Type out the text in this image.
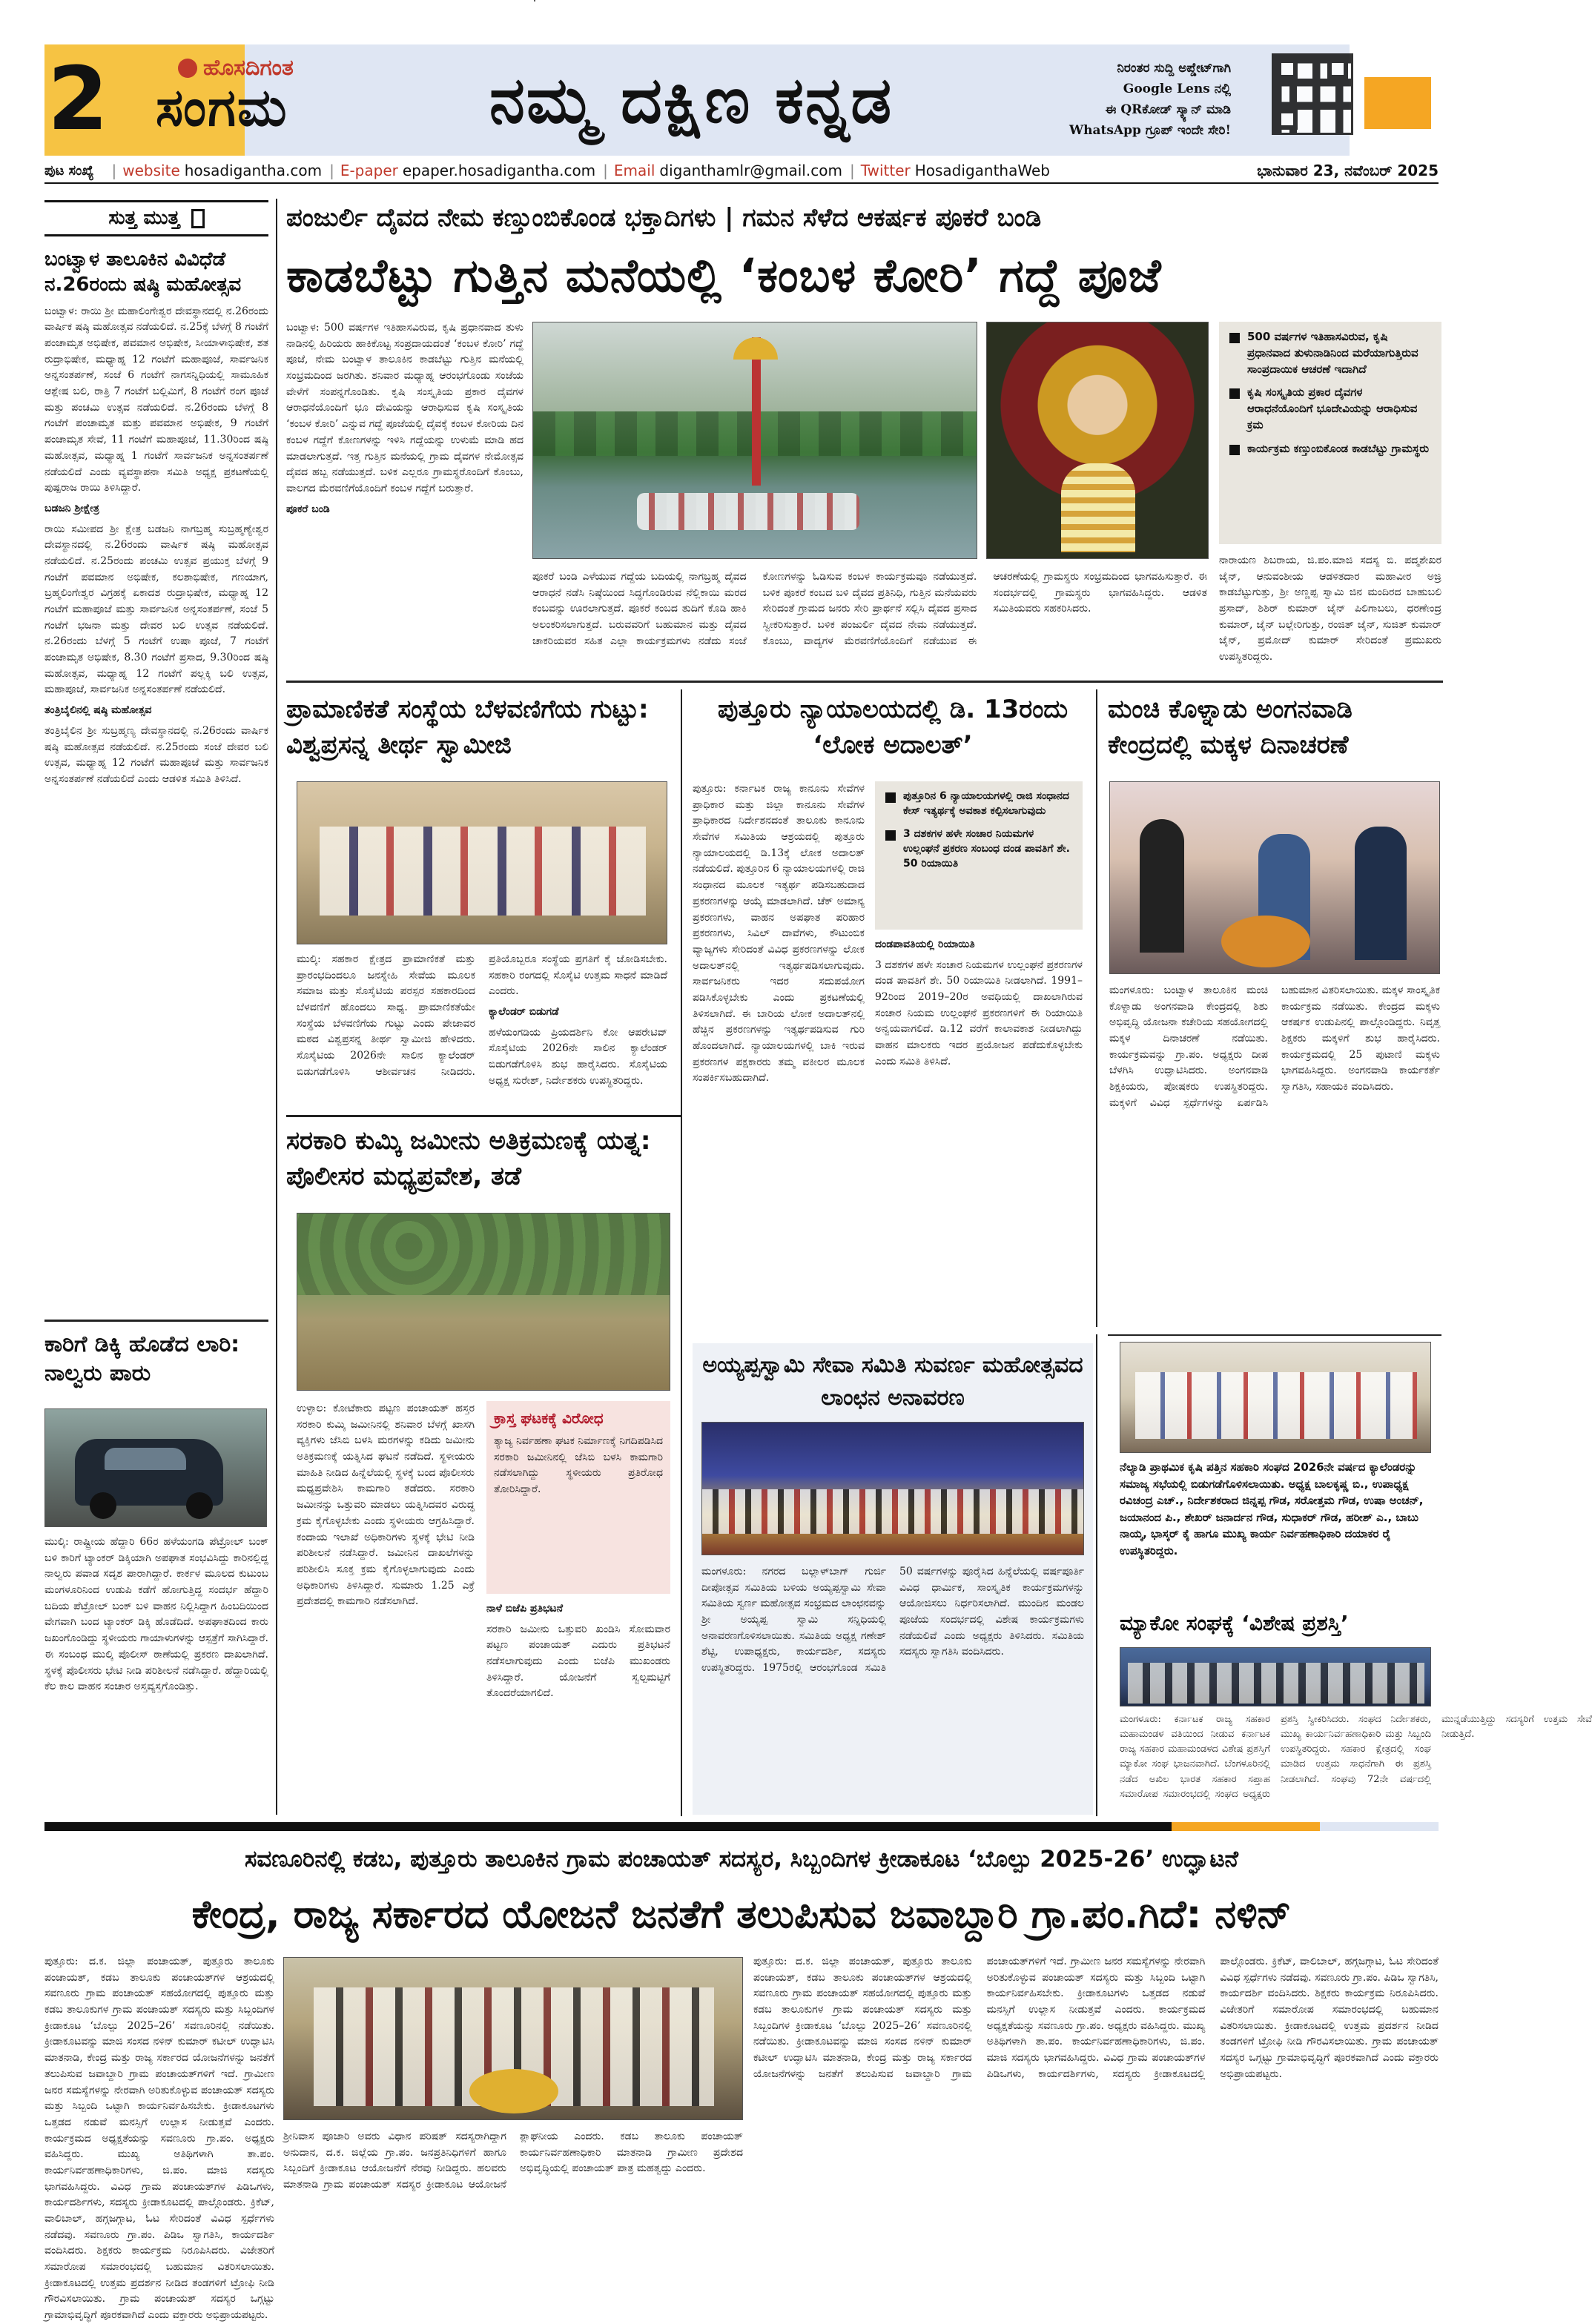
2	ಹೊಸದಿಗಂತ
ಸಂಗಮ	ನಮ್ಮ ದಕ್ಷಿಣ ಕನ್ನಡ	ನಿರಂತರ ಸುದ್ದಿ ಅಪ್ಡೇಟ್‌ಗಾಗಿ
Google Lens ನಲ್ಲಿ
ಈ QRಕೋಡ್ ಸ್ಕ್ಯಾನ್ ಮಾಡಿ
WhatsApp ಗ್ರೂಪ್ ಇಂದೇ ಸೇರಿ!
ಪುಟ ಸಂಖ್ಯೆ | website hosadigantha.com | E-paper epaper.hosadigantha.com | Email diganthamlr@gmail.com | Twitter HosadiganthaWeb	ಭಾನುವಾರ 23, ನವೆಂಬರ್ 2025
ಸುತ್ತ ಮುತ್ತ
ಬಂಟ್ವಾಳ ತಾಲೂಕಿನ ವಿವಿಧೆಡೆ ನ.26ರಂದು ಷಷ್ಠಿ ಮಹೋತ್ಸವ

ಬಂಟ್ವಾಳ: ರಾಯಿ ಶ್ರೀ ಮಹಾಲಿಂಗೇಶ್ವರ ದೇವಸ್ಥಾನದಲ್ಲಿ ನ.26ರಂದು ವಾರ್ಷಿಕ ಷಷ್ಠಿ ಮಹೋತ್ಸವ ನಡೆಯಲಿದೆ. ನ.25ಕ್ಕೆ ಬೆಳಗ್ಗೆ 8 ಗಂಟೆಗೆ ಪಂಚಾಮೃತ ಅಭಿಷೇಕ, ಪವಮಾನ ಅಭಿಷೇಕ, ಸೀಯಾಳಾಭಿಷೇಕ, ಶತ ರುದ್ರಾಭಿಷೇಕ, ಮಧ್ಯಾಹ್ನ 12 ಗಂಟೆಗೆ ಮಹಾಪೂಜೆ, ಸಾರ್ವಜನಿಕ ಅನ್ನಸಂತರ್ಪಣೆ, ಸಂಜೆ 6 ಗಂಟೆಗೆ ನಾಗಸನ್ನಿಧಿಯಲ್ಲಿ ಸಾಮೂಹಿಕ ಆಶ್ಲೇಷ ಬಲಿ, ರಾತ್ರಿ 7 ಗಂಟೆಗೆ ಬಲ್ಲಿಮಿಗೆ, 8 ಗಂಟೆಗೆ ರಂಗ ಪೂಜೆ ಮತ್ತು ಪಂಚಮಿ ಉತ್ಸವ ನಡೆಯಲಿದೆ. ನ.26ರಂದು ಬೆಳಗ್ಗೆ 8 ಗಂಟೆಗೆ ಪಂಚಾಮೃತ ಮತ್ತು ಪವಮಾನ ಅಭಿಷೇಕ, 9 ಗಂಟೆಗೆ ಪಂಚಾಮೃತ ಸೇವೆ, 11 ಗಂಟೆಗೆ ಮಹಾಪೂಜೆ, 11.30ರಿಂದ ಷಷ್ಠಿ ಮಹೋತ್ಸವ, ಮಧ್ಯಾಹ್ನ 1 ಗಂಟೆಗೆ ಸಾರ್ವಜನಿಕ ಅನ್ನಸಂತರ್ಪಣೆ ನಡೆಯಲಿದೆ ಎಂದು ವ್ಯವಸ್ಥಾಪನಾ ಸಮಿತಿ ಅಧ್ಯಕ್ಷ ಪ್ರಕಟಣೆಯಲ್ಲಿ ಪುಷ್ಪರಾಜ ರಾಯಿ ತಿಳಿಸಿದ್ದಾರೆ.

ಬಡಜನಿ ಶ್ರೀಕ್ಷೇತ್ರ

ರಾಯಿ ಸಮೀಪದ ಶ್ರೀ ಕ್ಷೇತ್ರ ಬಡಜನಿ ನಾಗಬ್ರಹ್ಮ ಸುಬ್ರಹ್ಮಣ್ಯೇಶ್ವರ ದೇವಸ್ಥಾನದಲ್ಲಿ ನ.26ರಂದು ವಾರ್ಷಿಕ ಷಷ್ಠಿ ಮಹೋತ್ಸವ ನಡೆಯಲಿದೆ. ನ.25ರಂದು ಪಂಚಮಿ ಉತ್ಸವ ಪ್ರಯುಕ್ತ ಬೆಳಗ್ಗೆ 9 ಗಂಟೆಗೆ ಪವಮಾನ ಅಭಿಷೇಕ, ಕಲಶಾಭಿಷೇಕ, ಗಣಯಾಗ, ಬ್ರಹ್ಮಲಿಂಗೇಶ್ವರ ವಿಗ್ರಹಕ್ಕೆ ಏಕಾದಶ ರುದ್ರಾಭಿಷೇಕ, ಮಧ್ಯಾಹ್ನ 12 ಗಂಟೆಗೆ ಮಹಾಪೂಜೆ ಮತ್ತು ಸಾರ್ವಜನಿಕ ಅನ್ನಸಂತರ್ಪಣೆ, ಸಂಜೆ 5 ಗಂಟೆಗೆ ಭಜನಾ ಮತ್ತು ದೇವರ ಬಲಿ ಉತ್ಸವ ನಡೆಯಲಿದೆ. ನ.26ರಂದು ಬೆಳಗ್ಗೆ 5 ಗಂಟೆಗೆ ಉಷಾ ಪೂಜೆ, 7 ಗಂಟೆಗೆ ಪಂಚಾಮೃತ ಅಭಿಷೇಕ, 8.30 ಗಂಟೆಗೆ ಪ್ರಸಾದ, 9.30ರಿಂದ ಷಷ್ಠಿ ಮಹೋತ್ಸವ, ಮಧ್ಯಾಹ್ನ 12 ಗಂಟೆಗೆ ಪಲ್ಲಕ್ಕಿ ಬಲಿ ಉತ್ಸವ, ಮಹಾಪೂಜೆ, ಸಾರ್ವಜನಿಕ ಅನ್ನಸಂತರ್ಪಣೆ ನಡೆಯಲಿದೆ.

ತಂತ್ರಿಬೈಲಿನಲ್ಲಿ ಷಷ್ಠಿ ಮಹೋತ್ಸವ

ತಂತ್ರಿಬೈಲಿನ ಶ್ರೀ ಸುಬ್ರಹ್ಮಣ್ಯ ದೇವಸ್ಥಾನದಲ್ಲಿ ನ.26ರಂದು ವಾರ್ಷಿಕ ಷಷ್ಠಿ ಮಹೋತ್ಸವ ನಡೆಯಲಿದೆ. ನ.25ರಂದು ಸಂಜೆ ದೇವರ ಬಲಿ ಉತ್ಸವ, ಮಧ್ಯಾಹ್ನ 12 ಗಂಟೆಗೆ ಮಹಾಪೂಜೆ ಮತ್ತು ಸಾರ್ವಜನಿಕ ಅನ್ನಸಂತರ್ಪಣೆ ನಡೆಯಲಿದೆ ಎಂದು ಆಡಳಿತ ಸಮಿತಿ ತಿಳಿಸಿದೆ.

ಕಾರಿಗೆ ಡಿಕ್ಕಿ ಹೊಡೆದ ಲಾರಿ: ನಾಲ್ವರು ಪಾರು
ಮುಲ್ಕಿ: ರಾಷ್ಟ್ರೀಯ ಹೆದ್ದಾರಿ 66ರ ಹಳೆಯಂಗಡಿ ಪೆಟ್ರೋಲ್ ಬಂಕ್ ಬಳಿ ಕಾರಿಗೆ ಟ್ಯಾಂಕರ್ ಡಿಕ್ಕಿಯಾಗಿ ಅಪಘಾತ ಸಂಭವಿಸಿದ್ದು ಕಾರಿನಲ್ಲಿದ್ದ ನಾಲ್ವರು ಪವಾಡ ಸದೃಶ ಪಾರಾಗಿದ್ದಾರೆ. ಕಾರ್ಕಳ ಮೂಲದ ಕುಟುಂಬ ಮಂಗಳೂರಿನಿಂದ ಉಡುಪಿ ಕಡೆಗೆ ಹೋಗುತ್ತಿದ್ದ ಸಂದರ್ಭ ಹೆದ್ದಾರಿ ಬದಿಯ ಪೆಟ್ರೋಲ್ ಬಂಕ್ ಬಳಿ ವಾಹನ ನಿಲ್ಲಿಸಿದ್ದಾಗ ಹಿಂಬದಿಯಿಂದ ವೇಗವಾಗಿ ಬಂದ ಟ್ಯಾಂಕರ್ ಡಿಕ್ಕಿ ಹೊಡೆದಿದೆ. ಅಪಘಾತದಿಂದ ಕಾರು ಜಖಂಗೊಂಡಿದ್ದು ಸ್ಥಳೀಯರು ಗಾಯಾಳುಗಳನ್ನು ಆಸ್ಪತ್ರೆಗೆ ಸಾಗಿಸಿದ್ದಾರೆ. ಈ ಸಂಬಂಧ ಮುಲ್ಕಿ ಪೊಲೀಸ್ ಠಾಣೆಯಲ್ಲಿ ಪ್ರಕರಣ ದಾಖಲಾಗಿದೆ. ಸ್ಥಳಕ್ಕೆ ಪೊಲೀಸರು ಭೇಟಿ ನೀಡಿ ಪರಿಶೀಲನೆ ನಡೆಸಿದ್ದಾರೆ. ಹೆದ್ದಾರಿಯಲ್ಲಿ ಕೆಲ ಕಾಲ ವಾಹನ ಸಂಚಾರ ಅಸ್ತವ್ಯಸ್ತಗೊಂಡಿತ್ತು.
ಪಂಜುರ್ಲಿ ದೈವದ ನೇಮ ಕಣ್ತುಂಬಿಕೊಂಡ ಭಕ್ತಾದಿಗಳು | ಗಮನ ಸೆಳೆದ ಆಕರ್ಷಕ ಪೂಕರೆ ಬಂಡಿ
ಕಾಡಬೆಟ್ಟು ಗುತ್ತಿನ ಮನೆಯಲ್ಲಿ ‘ಕಂಬಳ ಕೋರಿ’ ಗದ್ದೆ ಪೂಜೆ

ಬಂಟ್ವಾಳ: 500 ವರ್ಷಗಳ ಇತಿಹಾಸವಿರುವ, ಕೃಷಿ ಪ್ರಧಾನವಾದ ತುಳು ನಾಡಿನಲ್ಲಿ ಹಿರಿಯರು ಹಾಕಿಕೊಟ್ಟ ಸಂಪ್ರದಾಯದಂತೆ ‘ಕಂಬಳ ಕೋರಿ’ ಗದ್ದೆ ಪೂಜೆ, ನೇಮ ಬಂಟ್ವಾಳ ತಾಲೂಕಿನ ಕಾಡಬೆಟ್ಟು ಗುತ್ತಿನ ಮನೆಯಲ್ಲಿ ಸಂಭ್ರಮದಿಂದ ಜರಗಿತು. ಶನಿವಾರ ಮಧ್ಯಾಹ್ನ ಆರಂಭಗೊಂಡು ಸಂಜೆಯ ವೇಳೆಗೆ ಸಂಪನ್ನಗೊಂಡಿತು. ಕೃಷಿ ಸಂಸ್ಕೃತಿಯ ಪ್ರಕಾರ ದೈವಗಳ ಆರಾಧನೆಯೊಂದಿಗೆ ಭೂ ದೇವಿಯನ್ನು ಆರಾಧಿಸುವ ಕೃಷಿ ಸಂಸ್ಕೃತಿಯ ‘ಕಂಬಳ ಕೋರಿ’ ಎನ್ನುವ ಗದ್ದೆ ಪೂಜೆಯಲ್ಲಿ ದೈವಕ್ಕೆ ಕಂಬಳ ಕೋರಿಯ ದಿನ ಕಂಬಳ ಗದ್ದೆಗೆ ಕೋಣಗಳನ್ನು ಇಳಿಸಿ ಗದ್ದೆಯನ್ನು ಉಳುಮೆ ಮಾಡಿ ಹದ ಮಾಡಲಾಗುತ್ತದೆ. ಇತ್ತ ಗುತ್ತಿನ ಮನೆಯಲ್ಲಿ ಗ್ರಾಮ ದೈವಗಳ ನೇಮೋತ್ಸವ ದೈವದ ಹಬ್ಬ ನಡೆಯುತ್ತದೆ. ಬಳಿಕ ಎಲ್ಲರೂ ಗ್ರಾಮಸ್ಥರೊಂದಿಗೆ ಕೊಂಬು, ವಾಲಗದ ಮೆರವಣಿಗೆಯೊಂದಿಗೆ ಕಂಬಳ ಗದ್ದೆಗೆ ಬರುತ್ತಾರೆ.

ಪೂಕರೆ ಬಂಡಿ

500 ವರ್ಷಗಳ ಇತಿಹಾಸವಿರುವ, ಕೃಷಿ ಪ್ರಧಾನವಾದ ತುಳುನಾಡಿನಿಂದ ಮರೆಯಾಗುತ್ತಿರುವ ಸಾಂಪ್ರದಾಯಿಕ ಆಚರಣೆ ಇದಾಗಿದೆ
ಕೃಷಿ ಸಂಸ್ಕೃತಿಯ ಪ್ರಕಾರ ದೈವಗಳ ಆರಾಧನೆಯೊಂದಿಗೆ ಭೂದೇವಿಯನ್ನು ಆರಾಧಿಸುವ ಕ್ರಮ
ಕಾರ್ಯಕ್ರಮ ಕಣ್ತುಂಬಿಕೊಂಡ ಕಾಡಬೆಟ್ಟು ಗ್ರಾಮಸ್ಥರು
ಪೂಕರೆ ಬಂಡಿ ಎಳೆಯುವ ಗದ್ದೆಯ ಬದಿಯಲ್ಲಿ ನಾಗಬ್ರಹ್ಮ ದೈವದ ಆರಾಧನೆ ನಡೆಸಿ ನಿಷ್ಠೆಯಿಂದ ಸಿದ್ಧಗೊಂಡಿರುವ ನೆಲ್ಲಿಕಾಯಿ ಮರದ ಕಂಬವನ್ನು ಊರಲಾಗುತ್ತದೆ. ಪೂಕರೆ ಕಂಬದ ತುದಿಗೆ ಕೊಡಿ ಹಾಕಿ ಅಲಂಕರಿಸಲಾಗುತ್ತದೆ. ಬರುವವರಿಗೆ ಬಹುಮಾನ ಮತ್ತು ದೈವದ ಚಾಕರಿಯವರ ಸಹಿತ ಎಲ್ಲಾ ಕಾರ್ಯಕ್ರಮಗಳು ನಡೆದು ಸಂಜೆ ಕೋಣಗಳನ್ನು ಓಡಿಸುವ ಕಂಬಳ ಕಾರ್ಯಕ್ರಮವೂ ನಡೆಯುತ್ತದೆ. ಬಳಿಕ ಪೂಕರೆ ಕಂಬದ ಬಳಿ ದೈವದ ಪ್ರತಿನಿಧಿ, ಗುತ್ತಿನ ಮನೆಯವರು ಸೇರಿದಂತೆ ಗ್ರಾಮದ ಜನರು ಸೇರಿ ಪ್ರಾರ್ಥನೆ ಸಲ್ಲಿಸಿ ದೈವದ ಪ್ರಸಾದ ಸ್ವೀಕರಿಸುತ್ತಾರೆ. ಬಳಿಕ ಪಂಜುರ್ಲಿ ದೈವದ ನೇಮ ನಡೆಯುತ್ತದೆ. ಕೊಂಬು, ವಾದ್ಯಗಳ ಮೆರವಣಿಗೆಯೊಂದಿಗೆ ನಡೆಯುವ ಈ ಆಚರಣೆಯಲ್ಲಿ ಗ್ರಾಮಸ್ಥರು ಸಂಭ್ರಮದಿಂದ ಭಾಗವಹಿಸುತ್ತಾರೆ. ಈ ಸಂದರ್ಭದಲ್ಲಿ ಗ್ರಾಮಸ್ಥರು ಭಾಗವಹಿಸಿದ್ದರು. ಆಡಳಿತ ಸಮಿತಿಯವರು ಸಹಕರಿಸಿದರು.
ನಾರಾಯಣ ಶಿಬರಾಯ, ಜಿ.ಪಂ.ಮಾಜಿ ಸದಸ್ಯ ಬಿ. ಪದ್ಮಶೇಖರ ಜೈನ್, ಆನುವಂಶೀಯ ಆಡಳಿತದಾರ ಮಹಾವೀರ ಅಜ್ರಿ ಕಾಡಬೆಟ್ಟುಗುತ್ತು, ಶ್ರೀ ಅಣ್ಣಪ್ಪ ಸ್ವಾಮಿ ಜಿನ ಮಂದಿರದ ಬಾಹುಬಲಿ ಪ್ರಸಾದ್, ಶಿಶಿರ್ ಕುಮಾರ್ ಜೈನ್ ಪಿಲಿಗಾಬಲು, ಧರಣೇಂದ್ರ ಕುಮಾರ್, ಜೈನ್ ಬಲ್ಲೇರಿಗುತ್ತು, ರಂಜಿತ್ ಜೈನ್, ಸುಜಿತ್ ಕುಮಾರ್ ಜೈನ್, ಪ್ರಮೋದ್ ಕುಮಾರ್ ಸೇರಿದಂತೆ ಪ್ರಮುಖರು ಉಪಸ್ಥಿತರಿದ್ದರು.
ಪ್ರಾಮಾಣಿಕತೆ ಸಂಸ್ಥೆಯ ಬೆಳವಣಿಗೆಯ ಗುಟ್ಟು: ವಿಶ್ವಪ್ರಸನ್ನ ತೀರ್ಥ ಸ್ವಾಮೀಜಿ

ಮುಲ್ಕಿ: ಸಹಕಾರ ಕ್ಷೇತ್ರದ ಪ್ರಾಮಾಣಿಕತೆ ಮತ್ತು ಪ್ರಾರಂಭದಿಂದಲೂ ಜನಸ್ನೇಹಿ ಸೇವೆಯ ಮೂಲಕ ಸಮಾಜ ಮತ್ತು ಸೊಸೈಟಿಯ ಪರಸ್ಪರ ಸಹಕಾರದಿಂದ ಬೆಳವಣಿಗೆ ಹೊಂದಲು ಸಾಧ್ಯ. ಪ್ರಾಮಾಣಿಕತೆಯೇ ಸಂಸ್ಥೆಯ ಬೆಳವಣಿಗೆಯ ಗುಟ್ಟು ಎಂದು ಪೇಜಾವರ ಮಠದ ವಿಶ್ವಪ್ರಸನ್ನ ತೀರ್ಥ ಸ್ವಾಮೀಜಿ ಹೇಳಿದರು. ಸೊಸೈಟಿಯ 2026ನೇ ಸಾಲಿನ ಕ್ಯಾಲೆಂಡರ್ ಬಿಡುಗಡೆಗೊಳಿಸಿ ಆಶೀರ್ವಚನ ನೀಡಿದರು. ಪ್ರತಿಯೊಬ್ಬರೂ ಸಂಸ್ಥೆಯ ಪ್ರಗತಿಗೆ ಕೈ ಜೋಡಿಸಬೇಕು. ಸಹಕಾರಿ ರಂಗದಲ್ಲಿ ಸೊಸೈಟಿ ಉತ್ತಮ ಸಾಧನೆ ಮಾಡಿದೆ ಎಂದರು.

ಕ್ಯಾಲೆಂಡರ್ ಬಿಡುಗಡೆ

ಹಳೆಯಂಗಡಿಯ ಪ್ರಿಯದರ್ಶಿನಿ ಕೋ ಆಪರೇಟಿವ್ ಸೊಸೈಟಿಯ 2026ನೇ ಸಾಲಿನ ಕ್ಯಾಲೆಂಡರ್ ಬಿಡುಗಡೆಗೊಳಿಸಿ ಶುಭ ಹಾರೈಸಿದರು. ಸೊಸೈಟಿಯ ಅಧ್ಯಕ್ಷ ಸುರೇಶ್, ನಿರ್ದೇಶಕರು ಉಪಸ್ಥಿತರಿದ್ದರು.

ಪುತ್ತೂರು ನ್ಯಾಯಾಲಯದಲ್ಲಿ ಡಿ. 13ರಂದು ‘ಲೋಕ ಅದಾಲತ್’
ಪುತ್ತೂರಿನ 6 ನ್ಯಾಯಾಲಯಗಳಲ್ಲಿ ರಾಜಿ ಸಂಧಾನದ ಕೇಸ್ ಇತ್ಯರ್ಥಕ್ಕೆ ಅವಕಾಶ ಕಲ್ಪಿಸಲಾಗುವುದು
3 ದಶಕಗಳ ಹಳೇ ಸಂಚಾರ ನಿಯಮಗಳ ಉಲ್ಲಂಘನೆ ಪ್ರಕರಣ ಸಂಬಂಧ ದಂಡ ಪಾವತಿಗೆ ಶೇ. 50 ರಿಯಾಯಿತಿ
ಪುತ್ತೂರು: ಕರ್ನಾಟಕ ರಾಜ್ಯ ಕಾನೂನು ಸೇವೆಗಳ ಪ್ರಾಧಿಕಾರ ಮತ್ತು ಜಿಲ್ಲಾ ಕಾನೂನು ಸೇವೆಗಳ ಪ್ರಾಧಿಕಾರದ ನಿರ್ದೇಶನದಂತೆ ತಾಲೂಕು ಕಾನೂನು ಸೇವೆಗಳ ಸಮಿತಿಯ ಆಶ್ರಯದಲ್ಲಿ ಪುತ್ತೂರು ನ್ಯಾಯಾಲಯದಲ್ಲಿ ಡಿ.13ಕ್ಕೆ ಲೋಕ ಅದಾಲತ್ ನಡೆಯಲಿದೆ. ಪುತ್ತೂರಿನ 6 ನ್ಯಾಯಾಲಯಗಳಲ್ಲಿ ರಾಜಿ ಸಂಧಾನದ ಮೂಲಕ ಇತ್ಯರ್ಥ ಪಡಿಸಬಹುದಾದ ಪ್ರಕರಣಗಳನ್ನು ಆಯ್ಕೆ ಮಾಡಲಾಗಿದೆ. ಚೆಕ್ ಅಮಾನ್ಯ ಪ್ರಕರಣಗಳು, ವಾಹನ ಅಪಘಾತ ಪರಿಹಾರ ಪ್ರಕರಣಗಳು, ಸಿವಿಲ್ ದಾವೆಗಳು, ಕೌಟುಂಬಿಕ ವ್ಯಾಜ್ಯಗಳು ಸೇರಿದಂತೆ ವಿವಿಧ ಪ್ರಕರಣಗಳನ್ನು ಲೋಕ ಅದಾಲತ್‌ನಲ್ಲಿ ಇತ್ಯರ್ಥಪಡಿಸಲಾಗುವುದು. ಸಾರ್ವಜನಿಕರು ಇದರ ಸದುಪಯೋಗ ಪಡಿಸಿಕೊಳ್ಳಬೇಕು ಎಂದು ಪ್ರಕಟಣೆಯಲ್ಲಿ ತಿಳಿಸಲಾಗಿದೆ. ಈ ಬಾರಿಯ ಲೋಕ ಅದಾಲತ್‌ನಲ್ಲಿ ಹೆಚ್ಚಿನ ಪ್ರಕರಣಗಳನ್ನು ಇತ್ಯರ್ಥಪಡಿಸುವ ಗುರಿ ಹೊಂದಲಾಗಿದೆ. ನ್ಯಾಯಾಲಯಗಳಲ್ಲಿ ಬಾಕಿ ಇರುವ ಪ್ರಕರಣಗಳ ಪಕ್ಷಕಾರರು ತಮ್ಮ ವಕೀಲರ ಮೂಲಕ ಸಂಪರ್ಕಿಸಬಹುದಾಗಿದೆ.

ದಂಡಪಾವತಿಯಲ್ಲಿ ರಿಯಾಯಿತಿ

3 ದಶಕಗಳ ಹಳೇ ಸಂಚಾರ ನಿಯಮಗಳ ಉಲ್ಲಂಘನೆ ಪ್ರಕರಣಗಳ ದಂಡ ಪಾವತಿಗೆ ಶೇ. 50 ರಿಯಾಯಿತಿ ನೀಡಲಾಗಿದೆ. 1991–92ರಿಂದ 2019–20ರ ಅವಧಿಯಲ್ಲಿ ದಾಖಲಾಗಿರುವ ಸಂಚಾರ ನಿಯಮ ಉಲ್ಲಂಘನೆ ಪ್ರಕರಣಗಳಿಗೆ ಈ ರಿಯಾಯಿತಿ ಅನ್ವಯವಾಗಲಿದೆ. ಡಿ.12 ವರೆಗೆ ಕಾಲಾವಕಾಶ ನೀಡಲಾಗಿದ್ದು ವಾಹನ ಮಾಲಕರು ಇದರ ಪ್ರಯೋಜನ ಪಡೆದುಕೊಳ್ಳಬೇಕು ಎಂದು ಸಮಿತಿ ತಿಳಿಸಿದೆ.

ಮಂಚಿ ಕೊಳ್ನಾಡು ಅಂಗನವಾಡಿ ಕೇಂದ್ರದಲ್ಲಿ ಮಕ್ಕಳ ದಿನಾಚರಣೆ
ಮಂಗಳೂರು: ಬಂಟ್ವಾಳ ತಾಲೂಕಿನ ಮಂಚಿ ಕೊಳ್ನಾಡು ಅಂಗನವಾಡಿ ಕೇಂದ್ರದಲ್ಲಿ ಶಿಶು ಅಭಿವೃದ್ಧಿ ಯೋಜನಾ ಕಚೇರಿಯ ಸಹಯೋಗದಲ್ಲಿ ಮಕ್ಕಳ ದಿನಾಚರಣೆ ನಡೆಯಿತು. ಕಾರ್ಯಕ್ರಮವನ್ನು ಗ್ರಾ.ಪಂ. ಅಧ್ಯಕ್ಷರು ದೀಪ ಬೆಳಗಿಸಿ ಉದ್ಘಾಟಿಸಿದರು. ಅಂಗನವಾಡಿ ಶಿಕ್ಷಕಿಯರು, ಪೋಷಕರು ಉಪಸ್ಥಿತರಿದ್ದರು. ಮಕ್ಕಳಿಗೆ ವಿವಿಧ ಸ್ಪರ್ಧೆಗಳನ್ನು ಏರ್ಪಡಿಸಿ ಬಹುಮಾನ ವಿತರಿಸಲಾಯಿತು. ಮಕ್ಕಳ ಸಾಂಸ್ಕೃತಿಕ ಕಾರ್ಯಕ್ರಮ ನಡೆಯಿತು. ಕೇಂದ್ರದ ಮಕ್ಕಳು ಆಕರ್ಷಕ ಉಡುಪಿನಲ್ಲಿ ಪಾಲ್ಗೊಂಡಿದ್ದರು. ನಿವೃತ್ತ ಶಿಕ್ಷಕರು ಮಕ್ಕಳಿಗೆ ಶುಭ ಹಾರೈಸಿದರು. ಕಾರ್ಯಕ್ರಮದಲ್ಲಿ 25 ಪುಟಾಣಿ ಮಕ್ಕಳು ಭಾಗವಹಿಸಿದ್ದರು. ಅಂಗನವಾಡಿ ಕಾರ್ಯಕರ್ತೆ ಸ್ವಾಗತಿಸಿ, ಸಹಾಯಕಿ ವಂದಿಸಿದರು.
ಸರಕಾರಿ ಕುಮ್ಕಿ ಜಮೀನು ಅತಿಕ್ರಮಣಕ್ಕೆ ಯತ್ನ: ಪೊಲೀಸರ ಮಧ್ಯಪ್ರವೇಶ, ತಡೆ
ಉಳ್ಳಾಲ: ಕೋಟೆಕಾರು ಪಟ್ಟಣ ಪಂಚಾಯತ್ ಹಸ್ತರ ಸರಕಾರಿ ಕುಮ್ಕಿ ಜಮೀನಿನಲ್ಲಿ ಶನಿವಾರ ಬೆಳಗ್ಗೆ ಖಾಸಗಿ ವ್ಯಕ್ತಿಗಳು ಜೆಸಿಬಿ ಬಳಸಿ ಮರಗಳನ್ನು ಕಡಿದು ಜಮೀನು ಅತಿಕ್ರಮಣಕ್ಕೆ ಯತ್ನಿಸಿದ ಘಟನೆ ನಡೆದಿದೆ. ಸ್ಥಳೀಯರು ಮಾಹಿತಿ ನೀಡಿದ ಹಿನ್ನೆಲೆಯಲ್ಲಿ ಸ್ಥಳಕ್ಕೆ ಬಂದ ಪೊಲೀಸರು ಮಧ್ಯಪ್ರವೇಶಿಸಿ ಕಾಮಗಾರಿ ತಡೆದರು. ಸರಕಾರಿ ಜಮೀನನ್ನು ಒತ್ತುವರಿ ಮಾಡಲು ಯತ್ನಿಸಿದವರ ವಿರುದ್ಧ ಕ್ರಮ ಕೈಗೊಳ್ಳಬೇಕು ಎಂದು ಸ್ಥಳೀಯರು ಆಗ್ರಹಿಸಿದ್ದಾರೆ. ಕಂದಾಯ ಇಲಾಖೆ ಅಧಿಕಾರಿಗಳು ಸ್ಥಳಕ್ಕೆ ಭೇಟಿ ನೀಡಿ ಪರಿಶೀಲನೆ ನಡೆಸಿದ್ದಾರೆ. ಜಮೀನಿನ ದಾಖಲೆಗಳನ್ನು ಪರಿಶೀಲಿಸಿ ಸೂಕ್ತ ಕ್ರಮ ಕೈಗೊಳ್ಳಲಾಗುವುದು ಎಂದು ಅಧಿಕಾರಿಗಳು ತಿಳಿಸಿದ್ದಾರೆ. ಸುಮಾರು 1.25 ಎಕ್ರೆ ಪ್ರದೇಶದಲ್ಲಿ ಕಾಮಗಾರಿ ನಡೆಸಲಾಗಿದೆ.
ಕ್ರಾಸ್ತ ಘಟಕಕ್ಕೆ ವಿರೋಧ
ತ್ಯಾಜ್ಯ ನಿರ್ವಹಣಾ ಘಟಕ ನಿರ್ಮಾಣಕ್ಕೆ ನಿಗದಿಪಡಿಸಿದ ಸರಕಾರಿ ಜಮೀನಿನಲ್ಲಿ ಜೆಸಿಬಿ ಬಳಸಿ ಕಾಮಗಾರಿ ನಡೆಸಲಾಗಿದ್ದು ಸ್ಥಳೀಯರು ಪ್ರತಿರೋಧ ತೋರಿಸಿದ್ದಾರೆ.

ನಾಳೆ ಬಿಜೆಪಿ ಪ್ರತಿಭಟನೆ

ಸರಕಾರಿ ಜಮೀನು ಒತ್ತುವರಿ ಖಂಡಿಸಿ ಸೋಮವಾರ ಪಟ್ಟಣ ಪಂಚಾಯತ್ ಎದುರು ಪ್ರತಿಭಟನೆ ನಡೆಸಲಾಗುವುದು ಎಂದು ಬಿಜೆಪಿ ಮುಖಂಡರು ತಿಳಿಸಿದ್ದಾರೆ. ಯೋಜನೆಗೆ ಸ್ವಲ್ಪಮಟ್ಟಿಗೆ ತೊಂದರೆಯಾಗಲಿದೆ.

ಅಯ್ಯಪ್ಪಸ್ವಾಮಿ ಸೇವಾ ಸಮಿತಿ ಸುವರ್ಣ ಮಹೋತ್ಸವದ ಲಾಂಛನ ಅನಾವರಣ
ಮಂಗಳೂರು: ನಗರದ ಬಲ್ಲಾಳ್‌ಬಾಗ್ ಗುರ್ಜಿ ದೀಪೋತ್ಸವ ಸಮಿತಿಯ ಬಳಿಯ ಅಯ್ಯಪ್ಪಸ್ವಾಮಿ ಸೇವಾ ಸಮಿತಿಯ ಸ್ವರ್ಣ ಮಹೋತ್ಸವ ಸಂಭ್ರಮದ ಲಾಂಛನವನ್ನು ಶ್ರೀ ಅಯ್ಯಪ್ಪ ಸ್ವಾಮಿ ಸನ್ನಿಧಿಯಲ್ಲಿ ಅನಾವರಣಗೊಳಿಸಲಾಯಿತು. ಸಮಿತಿಯ ಅಧ್ಯಕ್ಷ ಗಣೇಶ್ ಶೆಟ್ಟಿ, ಉಪಾಧ್ಯಕ್ಷರು, ಕಾರ್ಯದರ್ಶಿ, ಸದಸ್ಯರು ಉಪಸ್ಥಿತರಿದ್ದರು. 1975ರಲ್ಲಿ ಆರಂಭಗೊಂಡ ಸಮಿತಿ 50 ವರ್ಷಗಳನ್ನು ಪೂರೈಸಿದ ಹಿನ್ನೆಲೆಯಲ್ಲಿ ವರ್ಷಪೂರ್ತಿ ವಿವಿಧ ಧಾರ್ಮಿಕ, ಸಾಂಸ್ಕೃತಿಕ ಕಾರ್ಯಕ್ರಮಗಳನ್ನು ಆಯೋಜಿಸಲು ನಿರ್ಧರಿಸಲಾಗಿದೆ. ಮುಂದಿನ ಮಂಡಲ ಪೂಜೆಯ ಸಂದರ್ಭದಲ್ಲಿ ವಿಶೇಷ ಕಾರ್ಯಕ್ರಮಗಳು ನಡೆಯಲಿವೆ ಎಂದು ಅಧ್ಯಕ್ಷರು ತಿಳಿಸಿದರು. ಸಮಿತಿಯ ಸದಸ್ಯರು ಸ್ವಾಗತಿಸಿ ವಂದಿಸಿದರು.
ನೆಲ್ಯಾಡಿ ಪ್ರಾಥಮಿಕ ಕೃಷಿ ಪತ್ತಿನ ಸಹಕಾರಿ ಸಂಘದ 2026ನೇ ವರ್ಷದ ಕ್ಯಾಲೆಂಡರನ್ನು ಸಮಾಜ್ಯ ಸಭೆಯಲ್ಲಿ ಬಿಡುಗಡೆಗೊಳಿಸಲಾಯಿತು. ಅಧ್ಯಕ್ಷ ಬಾಲಕೃಷ್ಣ ಬಿ., ಉಪಾಧ್ಯಕ್ಷ ರವಿಚಂದ್ರ ಎಚ್., ನಿರ್ದೇಶಕರಾದ ಜಿನ್ನಪ್ಪ ಗೌಡ, ಸರೋತ್ತಮ ಗೌಡ, ಉಷಾ ಅಂಚನ್, ಜಯಾನಂದ ಪಿ., ಶೇಖರ್ ಜನಾರ್ದನ ಗೌಡ, ಸುಧಾಕರ್ ಗೌಡ, ಹರೀಶ್ ಎ., ಬಾಬು ನಾಯ್ಕ, ಭಾಸ್ಕರ್ ಕೈ ಹಾಗೂ ಮುಖ್ಯ ಕಾರ್ಯ ನಿರ್ವಹಣಾಧಿಕಾರಿ ದಯಾಕರ ರೈ ಉಪಸ್ಥಿತರಿದ್ದರು.
ಮ್ಯಾಕೋ ಸಂಘಕ್ಕೆ ‘ವಿಶೇಷ ಪ್ರಶಸ್ತಿ’
ಮಂಗಳೂರು: ಕರ್ನಾಟಕ ರಾಜ್ಯ ಸಹಕಾರ ಮಹಾಮಂಡಳ ವತಿಯಿಂದ ನೀಡುವ ಕರ್ನಾಟಕ ರಾಜ್ಯ ಸಹಕಾರ ಮಹಾಮಂಡಳದ ವಿಶೇಷ ಪ್ರಶಸ್ತಿಗೆ ಮ್ಯಾಕೋ ಸಂಘ ಭಾಜನವಾಗಿದೆ. ಬೆಂಗಳೂರಿನಲ್ಲಿ ನಡೆದ ಅಖಿಲ ಭಾರತ ಸಹಕಾರ ಸಪ್ತಾಹ ಸಮಾರೋಪ ಸಮಾರಂಭದಲ್ಲಿ ಸಂಘದ ಅಧ್ಯಕ್ಷರು ಪ್ರಶಸ್ತಿ ಸ್ವೀಕರಿಸಿದರು. ಸಂಘದ ನಿರ್ದೇಶಕರು, ಮುಖ್ಯ ಕಾರ್ಯನಿರ್ವಹಣಾಧಿಕಾರಿ ಮತ್ತು ಸಿಬ್ಬಂದಿ ಉಪಸ್ಥಿತರಿದ್ದರು. ಸಹಕಾರ ಕ್ಷೇತ್ರದಲ್ಲಿ ಸಂಘ ಮಾಡಿದ ಉತ್ತಮ ಸಾಧನೆಗಾಗಿ ಈ ಪ್ರಶಸ್ತಿ ನೀಡಲಾಗಿದೆ. ಸಂಘವು 72ನೇ ವರ್ಷದಲ್ಲಿ ಮುನ್ನಡೆಯುತ್ತಿದ್ದು ಸದಸ್ಯರಿಗೆ ಉತ್ತಮ ಸೇವೆ ನೀಡುತ್ತಿದೆ.
ಸವಣೂರಿನಲ್ಲಿ ಕಡಬ, ಪುತ್ತೂರು ತಾಲೂಕಿನ ಗ್ರಾಮ ಪಂಚಾಯತ್ ಸದಸ್ಯರ, ಸಿಬ್ಬಂದಿಗಳ ಕ್ರೀಡಾಕೂಟ ‘ಬೊಲ್ಪು 2025-26’ ಉದ್ಘಾಟನೆ
ಕೇಂದ್ರ, ರಾಜ್ಯ ಸರ್ಕಾರದ ಯೋಜನೆ ಜನತೆಗೆ ತಲುಪಿಸುವ ಜವಾಬ್ದಾರಿ ಗ್ರಾ.ಪಂ.ಗಿದೆ: ನಳಿನ್
ಪುತ್ತೂರು: ದ.ಕ. ಜಿಲ್ಲಾ ಪಂಚಾಯತ್, ಪುತ್ತೂರು ತಾಲೂಕು ಪಂಚಾಯತ್, ಕಡಬ ತಾಲೂಕು ಪಂಚಾಯತ್‌ಗಳ ಆಶ್ರಯದಲ್ಲಿ ಸವಣೂರು ಗ್ರಾಮ ಪಂಚಾಯತ್ ಸಹಯೋಗದಲ್ಲಿ ಪುತ್ತೂರು ಮತ್ತು ಕಡಬ ತಾಲೂಕುಗಳ ಗ್ರಾಮ ಪಂಚಾಯತ್ ಸದಸ್ಯರು ಮತ್ತು ಸಿಬ್ಬಂದಿಗಳ ಕ್ರೀಡಾಕೂಟ ‘ಬೊಲ್ಪು 2025–26’ ಸವಣೂರಿನಲ್ಲಿ ನಡೆಯಿತು. ಕ್ರೀಡಾಕೂಟವನ್ನು ಮಾಜಿ ಸಂಸದ ನಳಿನ್ ಕುಮಾರ್ ಕಟೀಲ್ ಉದ್ಘಾಟಿಸಿ ಮಾತನಾಡಿ, ಕೇಂದ್ರ ಮತ್ತು ರಾಜ್ಯ ಸರ್ಕಾರದ ಯೋಜನೆಗಳನ್ನು ಜನತೆಗೆ ತಲುಪಿಸುವ ಜವಾಬ್ದಾರಿ ಗ್ರಾಮ ಪಂಚಾಯತ್‌ಗಳಿಗೆ ಇದೆ. ಗ್ರಾಮೀಣ ಜನರ ಸಮಸ್ಯೆಗಳನ್ನು ನೇರವಾಗಿ ಅರಿತುಕೊಳ್ಳುವ ಪಂಚಾಯತ್ ಸದಸ್ಯರು ಮತ್ತು ಸಿಬ್ಬಂದಿ ಒಟ್ಟಾಗಿ ಕಾರ್ಯನಿರ್ವಹಿಸಬೇಕು. ಕ್ರೀಡಾಕೂಟಗಳು ಒತ್ತಡದ ನಡುವೆ ಮನಸ್ಸಿಗೆ ಉಲ್ಲಾಸ ನೀಡುತ್ತವೆ ಎಂದರು. ಕಾರ್ಯಕ್ರಮದ ಅಧ್ಯಕ್ಷತೆಯನ್ನು ಸವಣೂರು ಗ್ರಾ.ಪಂ. ಅಧ್ಯಕ್ಷರು ವಹಿಸಿದ್ದರು. ಮುಖ್ಯ ಅತಿಥಿಗಳಾಗಿ ತಾ.ಪಂ. ಕಾರ್ಯನಿರ್ವಹಣಾಧಿಕಾರಿಗಳು, ಜಿ.ಪಂ. ಮಾಜಿ ಸದಸ್ಯರು ಭಾಗವಹಿಸಿದ್ದರು. ವಿವಿಧ ಗ್ರಾಮ ಪಂಚಾಯತ್‌ಗಳ ಪಿಡಿಒಗಳು, ಕಾರ್ಯದರ್ಶಿಗಳು, ಸದಸ್ಯರು ಕ್ರೀಡಾಕೂಟದಲ್ಲಿ ಪಾಲ್ಗೊಂಡರು. ಕ್ರಿಕೆಟ್, ವಾಲಿಬಾಲ್, ಹಗ್ಗಜಗ್ಗಾಟ, ಓಟ ಸೇರಿದಂತೆ ವಿವಿಧ ಸ್ಪರ್ಧೆಗಳು ನಡೆದವು. ಸವಣೂರು ಗ್ರಾ.ಪಂ. ಪಿಡಿಒ ಸ್ವಾಗತಿಸಿ, ಕಾರ್ಯದರ್ಶಿ ವಂದಿಸಿದರು. ಶಿಕ್ಷಕರು ಕಾರ್ಯಕ್ರಮ ನಿರೂಪಿಸಿದರು. ವಿಜೇತರಿಗೆ ಸಮಾರೋಪ ಸಮಾರಂಭದಲ್ಲಿ ಬಹುಮಾನ ವಿತರಿಸಲಾಯಿತು. ಕ್ರೀಡಾಕೂಟದಲ್ಲಿ ಉತ್ತಮ ಪ್ರದರ್ಶನ ನೀಡಿದ ತಂಡಗಳಿಗೆ ಟ್ರೋಫಿ ನೀಡಿ ಗೌರವಿಸಲಾಯಿತು. ಗ್ರಾಮ ಪಂಚಾಯತ್ ಸದಸ್ಯರ ಒಗ್ಗಟ್ಟು ಗ್ರಾಮಾಭಿವೃದ್ಧಿಗೆ ಪೂರಕವಾಗಿದೆ ಎಂದು ವಕ್ತಾರರು ಅಭಿಪ್ರಾಯಪಟ್ಟರು.
ಶ್ರೀನಿವಾಸ ಪೂಜಾರಿ ಅವರು ವಿಧಾನ ಪರಿಷತ್ ಸದಸ್ಯರಾಗಿದ್ದಾಗ ಅನುದಾನ, ದ.ಕ. ಜಿಲ್ಲೆಯ ಗ್ರಾ.ಪಂ. ಜನಪ್ರತಿನಿಧಿಗಳಿಗೆ ಹಾಗೂ ಸಿಬ್ಬಂದಿಗೆ ಕ್ರೀಡಾಕೂಟ ಆಯೋಜನೆಗೆ ನೆರವು ನೀಡಿದ್ದರು. ಹಲವರು ಮಾತನಾಡಿ ಗ್ರಾಮ ಪಂಚಾಯತ್ ಸದಸ್ಯರ ಕ್ರೀಡಾಕೂಟ ಆಯೋಜನೆ ಶ್ಲಾಘನೀಯ ಎಂದರು. ಕಡಬ ತಾಲೂಕು ಪಂಚಾಯತ್ ಕಾರ್ಯನಿರ್ವಹಣಾಧಿಕಾರಿ ಮಾತನಾಡಿ ಗ್ರಾಮೀಣ ಪ್ರದೇಶದ ಅಭಿವೃದ್ಧಿಯಲ್ಲಿ ಪಂಚಾಯತ್ ಪಾತ್ರ ಮಹತ್ವದ್ದು ಎಂದರು.
ಪುತ್ತೂರು: ದ.ಕ. ಜಿಲ್ಲಾ ಪಂಚಾಯತ್, ಪುತ್ತೂರು ತಾಲೂಕು ಪಂಚಾಯತ್, ಕಡಬ ತಾಲೂಕು ಪಂಚಾಯತ್‌ಗಳ ಆಶ್ರಯದಲ್ಲಿ ಸವಣೂರು ಗ್ರಾಮ ಪಂಚಾಯತ್ ಸಹಯೋಗದಲ್ಲಿ ಪುತ್ತೂರು ಮತ್ತು ಕಡಬ ತಾಲೂಕುಗಳ ಗ್ರಾಮ ಪಂಚಾಯತ್ ಸದಸ್ಯರು ಮತ್ತು ಸಿಬ್ಬಂದಿಗಳ ಕ್ರೀಡಾಕೂಟ ‘ಬೊಲ್ಪು 2025–26’ ಸವಣೂರಿನಲ್ಲಿ ನಡೆಯಿತು. ಕ್ರೀಡಾಕೂಟವನ್ನು ಮಾಜಿ ಸಂಸದ ನಳಿನ್ ಕುಮಾರ್ ಕಟೀಲ್ ಉದ್ಘಾಟಿಸಿ ಮಾತನಾಡಿ, ಕೇಂದ್ರ ಮತ್ತು ರಾಜ್ಯ ಸರ್ಕಾರದ ಯೋಜನೆಗಳನ್ನು ಜನತೆಗೆ ತಲುಪಿಸುವ ಜವಾಬ್ದಾರಿ ಗ್ರಾಮ ಪಂಚಾಯತ್‌ಗಳಿಗೆ ಇದೆ. ಗ್ರಾಮೀಣ ಜನರ ಸಮಸ್ಯೆಗಳನ್ನು ನೇರವಾಗಿ ಅರಿತುಕೊಳ್ಳುವ ಪಂಚಾಯತ್ ಸದಸ್ಯರು ಮತ್ತು ಸಿಬ್ಬಂದಿ ಒಟ್ಟಾಗಿ ಕಾರ್ಯನಿರ್ವಹಿಸಬೇಕು. ಕ್ರೀಡಾಕೂಟಗಳು ಒತ್ತಡದ ನಡುವೆ ಮನಸ್ಸಿಗೆ ಉಲ್ಲಾಸ ನೀಡುತ್ತವೆ ಎಂದರು. ಕಾರ್ಯಕ್ರಮದ ಅಧ್ಯಕ್ಷತೆಯನ್ನು ಸವಣೂರು ಗ್ರಾ.ಪಂ. ಅಧ್ಯಕ್ಷರು ವಹಿಸಿದ್ದರು. ಮುಖ್ಯ ಅತಿಥಿಗಳಾಗಿ ತಾ.ಪಂ. ಕಾರ್ಯನಿರ್ವಹಣಾಧಿಕಾರಿಗಳು, ಜಿ.ಪಂ. ಮಾಜಿ ಸದಸ್ಯರು ಭಾಗವಹಿಸಿದ್ದರು. ವಿವಿಧ ಗ್ರಾಮ ಪಂಚಾಯತ್‌ಗಳ ಪಿಡಿಒಗಳು, ಕಾರ್ಯದರ್ಶಿಗಳು, ಸದಸ್ಯರು ಕ್ರೀಡಾಕೂಟದಲ್ಲಿ ಪಾಲ್ಗೊಂಡರು. ಕ್ರಿಕೆಟ್, ವಾಲಿಬಾಲ್, ಹಗ್ಗಜಗ್ಗಾಟ, ಓಟ ಸೇರಿದಂತೆ ವಿವಿಧ ಸ್ಪರ್ಧೆಗಳು ನಡೆದವು. ಸವಣೂರು ಗ್ರಾ.ಪಂ. ಪಿಡಿಒ ಸ್ವಾಗತಿಸಿ, ಕಾರ್ಯದರ್ಶಿ ವಂದಿಸಿದರು. ಶಿಕ್ಷಕರು ಕಾರ್ಯಕ್ರಮ ನಿರೂಪಿಸಿದರು. ವಿಜೇತರಿಗೆ ಸಮಾರೋಪ ಸಮಾರಂಭದಲ್ಲಿ ಬಹುಮಾನ ವಿತರಿಸಲಾಯಿತು. ಕ್ರೀಡಾಕೂಟದಲ್ಲಿ ಉತ್ತಮ ಪ್ರದರ್ಶನ ನೀಡಿದ ತಂಡಗಳಿಗೆ ಟ್ರೋಫಿ ನೀಡಿ ಗೌರವಿಸಲಾಯಿತು. ಗ್ರಾಮ ಪಂಚಾಯತ್ ಸದಸ್ಯರ ಒಗ್ಗಟ್ಟು ಗ್ರಾಮಾಭಿವೃದ್ಧಿಗೆ ಪೂರಕವಾಗಿದೆ ಎಂದು ವಕ್ತಾರರು ಅಭಿಪ್ರಾಯಪಟ್ಟರು.
